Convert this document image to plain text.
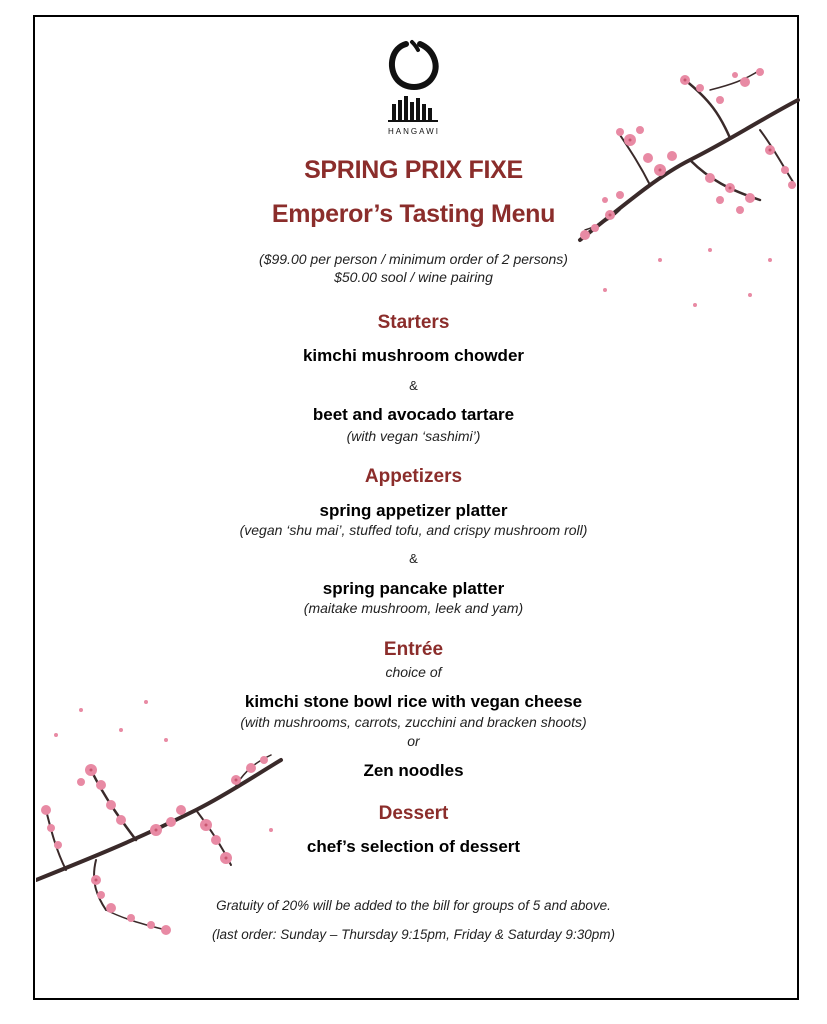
HANGAWI
SPRING PRIX FIXE
Emperor’s Tasting Menu
($99.00 per person / minimum order of 2 persons)
$50.00 sool / wine pairing
Starters
kimchi mushroom chowder
&
beet and avocado tartare
(with vegan ‘sashimi’)
Appetizers
spring appetizer platter
(vegan ‘shu mai’, stuffed tofu, and crispy mushroom roll)
&
spring pancake platter
(maitake mushroom, leek and yam)
Entrée
choice of
kimchi stone bowl rice with vegan cheese
(with mushrooms, carrots, zucchini and bracken shoots)
or
Zen noodles
Dessert
chef’s selection of dessert
Gratuity of 20% will be added to the bill for groups of 5 and above.
(last order: Sunday – Thursday 9:15pm, Friday & Saturday 9:30pm)
